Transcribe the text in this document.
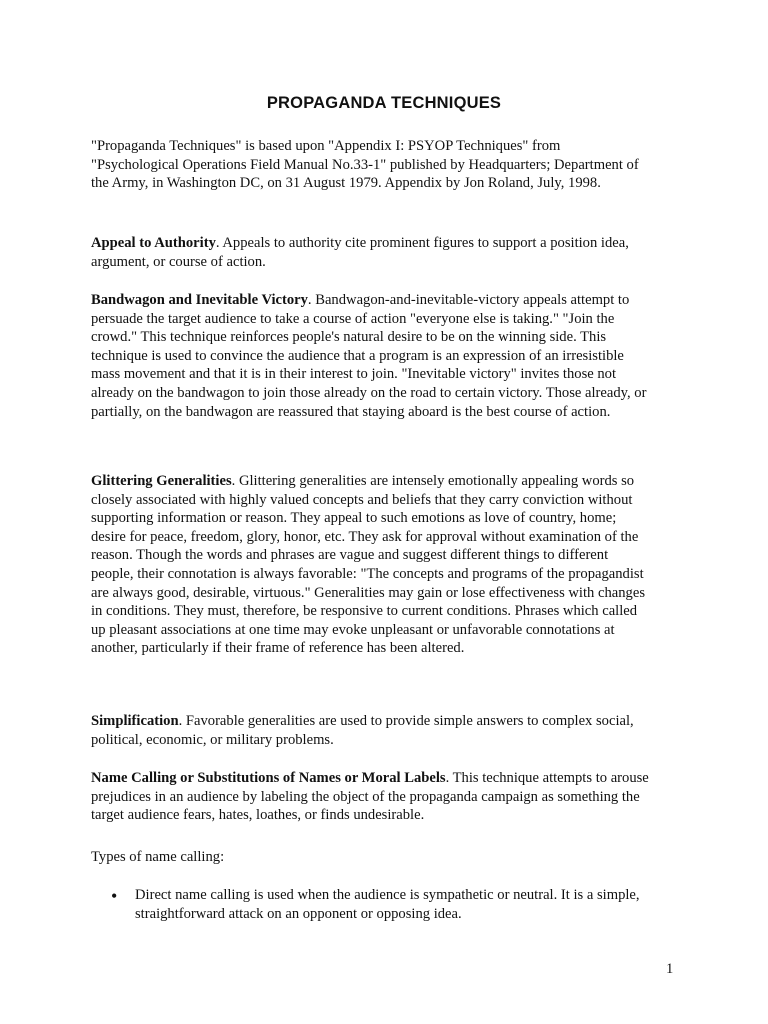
PROPAGANDA TECHNIQUES

"Propaganda Techniques" is based upon "Appendix I: PSYOP Techniques" from "Psychological Operations Field Manual No.33-1" published by Headquarters; Department of the Army, in Washington DC, on 31 August 1979. Appendix by Jon Roland, July, 1998.

Appeal to Authority. Appeals to authority cite prominent figures to support a position idea, argument, or course of action.

Bandwagon and Inevitable Victory. Bandwagon-and-inevitable-victory appeals attempt to persuade the target audience to take a course of action "everyone else is taking." "Join the crowd." This technique reinforces people's natural desire to be on the winning side. This technique is used to convince the audience that a program is an expression of an irresistible mass movement and that it is in their interest to join. "Inevitable victory" invites those not already on the bandwagon to join those already on the road to certain victory. Those already, or partially, on the bandwagon are reassured that staying aboard is the best course of action.

Glittering Generalities. Glittering generalities are intensely emotionally appealing words so closely associated with highly valued concepts and beliefs that they carry conviction without supporting information or reason. They appeal to such emotions as love of country, home; desire for peace, freedom, glory, honor, etc. They ask for approval without examination of the reason. Though the words and phrases are vague and suggest different things to different people, their connotation is always favorable: "The concepts and programs of the propagandist are always good, desirable, virtuous." Generalities may gain or lose effectiveness with changes in conditions. They must, therefore, be responsive to current conditions. Phrases which called up pleasant associations at one time may evoke unpleasant or unfavorable connotations at another, particularly if their frame of reference has been altered.

Simplification. Favorable generalities are used to provide simple answers to complex social, political, economic, or military problems.

Name Calling or Substitutions of Names or Moral Labels. This technique attempts to arouse prejudices in an audience by labeling the object of the propaganda campaign as something the target audience fears, hates, loathes, or finds undesirable.

Types of name calling:

• Direct name calling is used when the audience is sympathetic or neutral. It is a simple, straightforward attack on an opponent or opposing idea.

1
